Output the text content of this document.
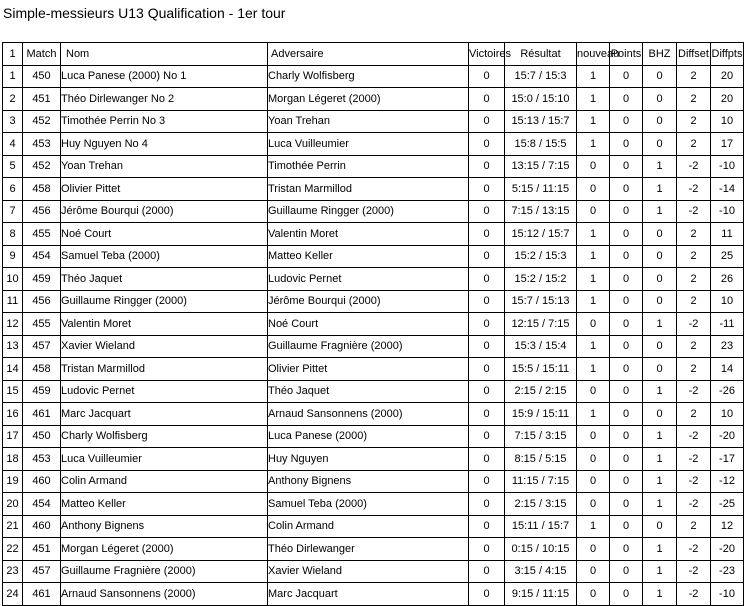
Simple-messieurs U13 Qualification - 1er tour
1	Match	Nom	Adversaire	Victoires	Résultat	nouveau	Points	BHZ	Diffset	Diffpts
1	450	Luca Panese (2000) No 1	Charly Wolfisberg	0	15:7 / 15:3	1	0	0	2	20
2	451	Théo Dirlewanger No 2	Morgan Légeret (2000)	0	15:0 / 15:10	1	0	0	2	20
3	452	Timothée Perrin No 3	Yoan Trehan	0	15:13 / 15:7	1	0	0	2	10
4	453	Huy Nguyen No 4	Luca Vuilleumier	0	15:8 / 15:5	1	0	0	2	17
5	452	Yoan Trehan	Timothée Perrin	0	13:15 / 7:15	0	0	1	-2	-10
6	458	Olivier Pittet	Tristan Marmillod	0	5:15 / 11:15	0	0	1	-2	-14
7	456	Jérôme Bourqui (2000)	Guillaume Ringger (2000)	0	7:15 / 13:15	0	0	1	-2	-10
8	455	Noé Court	Valentin Moret	0	15:12 / 15:7	1	0	0	2	11
9	454	Samuel Teba (2000)	Matteo Keller	0	15:2 / 15:3	1	0	0	2	25
10	459	Théo Jaquet	Ludovic Pernet	0	15:2 / 15:2	1	0	0	2	26
11	456	Guillaume Ringger (2000)	Jérôme Bourqui (2000)	0	15:7 / 15:13	1	0	0	2	10
12	455	Valentin Moret	Noé Court	0	12:15 / 7:15	0	0	1	-2	-11
13	457	Xavier Wieland	Guillaume Fragnière (2000)	0	15:3 / 15:4	1	0	0	2	23
14	458	Tristan Marmillod	Olivier Pittet	0	15:5 / 15:11	1	0	0	2	14
15	459	Ludovic Pernet	Théo Jaquet	0	2:15 / 2:15	0	0	1	-2	-26
16	461	Marc Jacquart	Arnaud Sansonnens (2000)	0	15:9 / 15:11	1	0	0	2	10
17	450	Charly Wolfisberg	Luca Panese (2000)	0	7:15 / 3:15	0	0	1	-2	-20
18	453	Luca Vuilleumier	Huy Nguyen	0	8:15 / 5:15	0	0	1	-2	-17
19	460	Colin Armand	Anthony Bignens	0	11:15 / 7:15	0	0	1	-2	-12
20	454	Matteo Keller	Samuel Teba (2000)	0	2:15 / 3:15	0	0	1	-2	-25
21	460	Anthony Bignens	Colin Armand	0	15:11 / 15:7	1	0	0	2	12
22	451	Morgan Légeret (2000)	Théo Dirlewanger	0	0:15 / 10:15	0	0	1	-2	-20
23	457	Guillaume Fragnière (2000)	Xavier Wieland	0	3:15 / 4:15	0	0	1	-2	-23
24	461	Arnaud Sansonnens (2000)	Marc Jacquart	0	9:15 / 11:15	0	0	1	-2	-10
